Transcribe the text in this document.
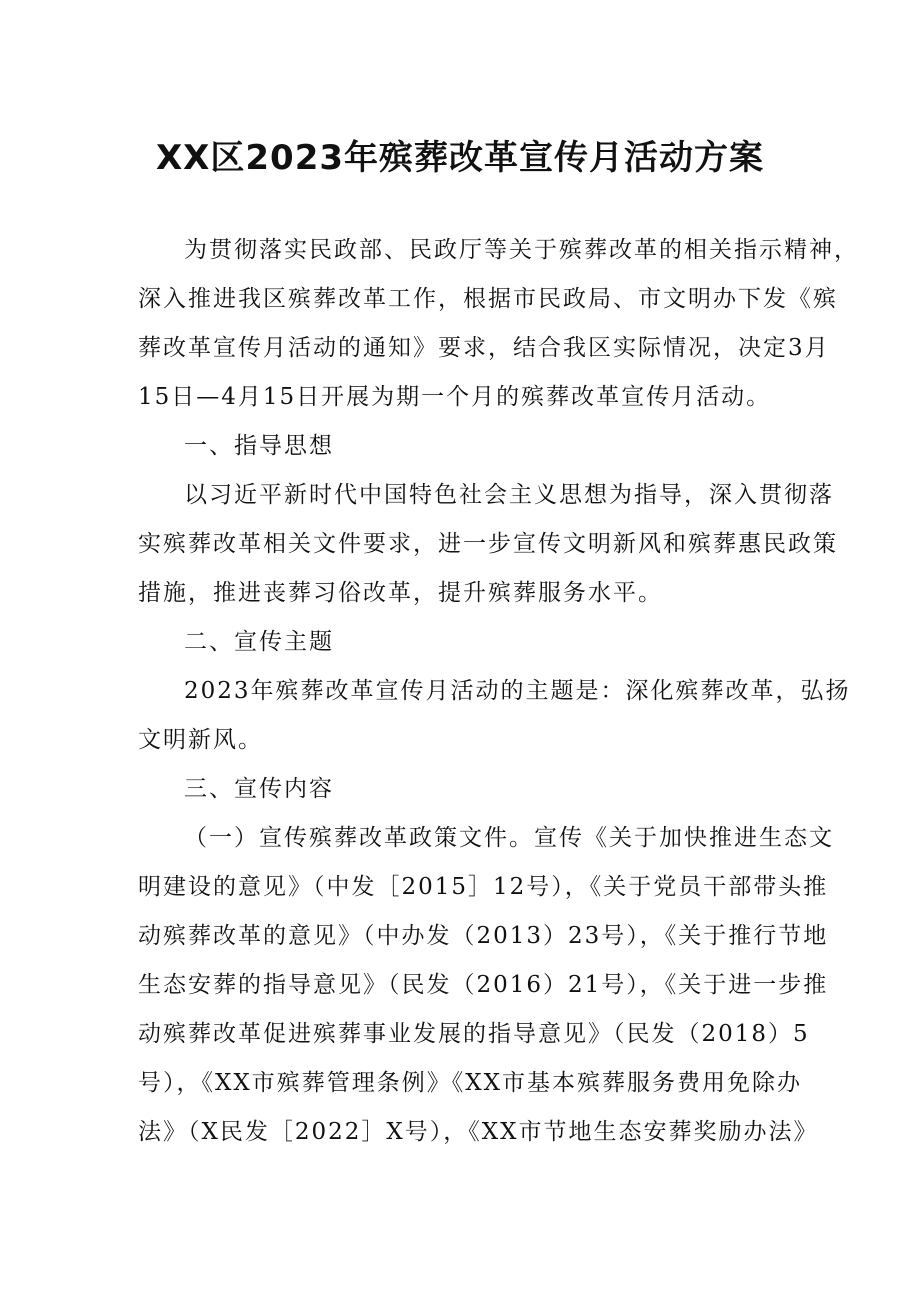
XX区2023年殡葬改革宣传月活动方案
为贯彻落实民政部、民政厅等关于殡葬改革的相关指示精神，
深入推进我区殡葬改革工作，根据市民政局、市文明办下发《殡
葬改革宣传月活动的通知》要求，结合我区实际情况，决定3月
15日—4月15日开展为期一个月的殡葬改革宣传月活动。
一、指导思想
以习近平新时代中国特色社会主义思想为指导，深入贯彻落
实殡葬改革相关文件要求，进一步宣传文明新风和殡葬惠民政策
措施，推进丧葬习俗改革，提升殡葬服务水平。
二、宣传主题
2023年殡葬改革宣传月活动的主题是：深化殡葬改革，弘扬
文明新风。
三、宣传内容
（一）宣传殡葬改革政策文件。宣传《关于加快推进生态文
明建设的意见》（中发［2015］12号），《关于党员干部带头推
动殡葬改革的意见》（中办发（2013）23号），《关于推行节地
生态安葬的指导意见》（民发（2016）21号），《关于进一步推
动殡葬改革促进殡葬事业发展的指导意见》（民发（2018）5
号），《XX市殡葬管理条例》《XX市基本殡葬服务费用免除办
法》（X民发［2022］X号），《XX市节地生态安葬奖励办法》
